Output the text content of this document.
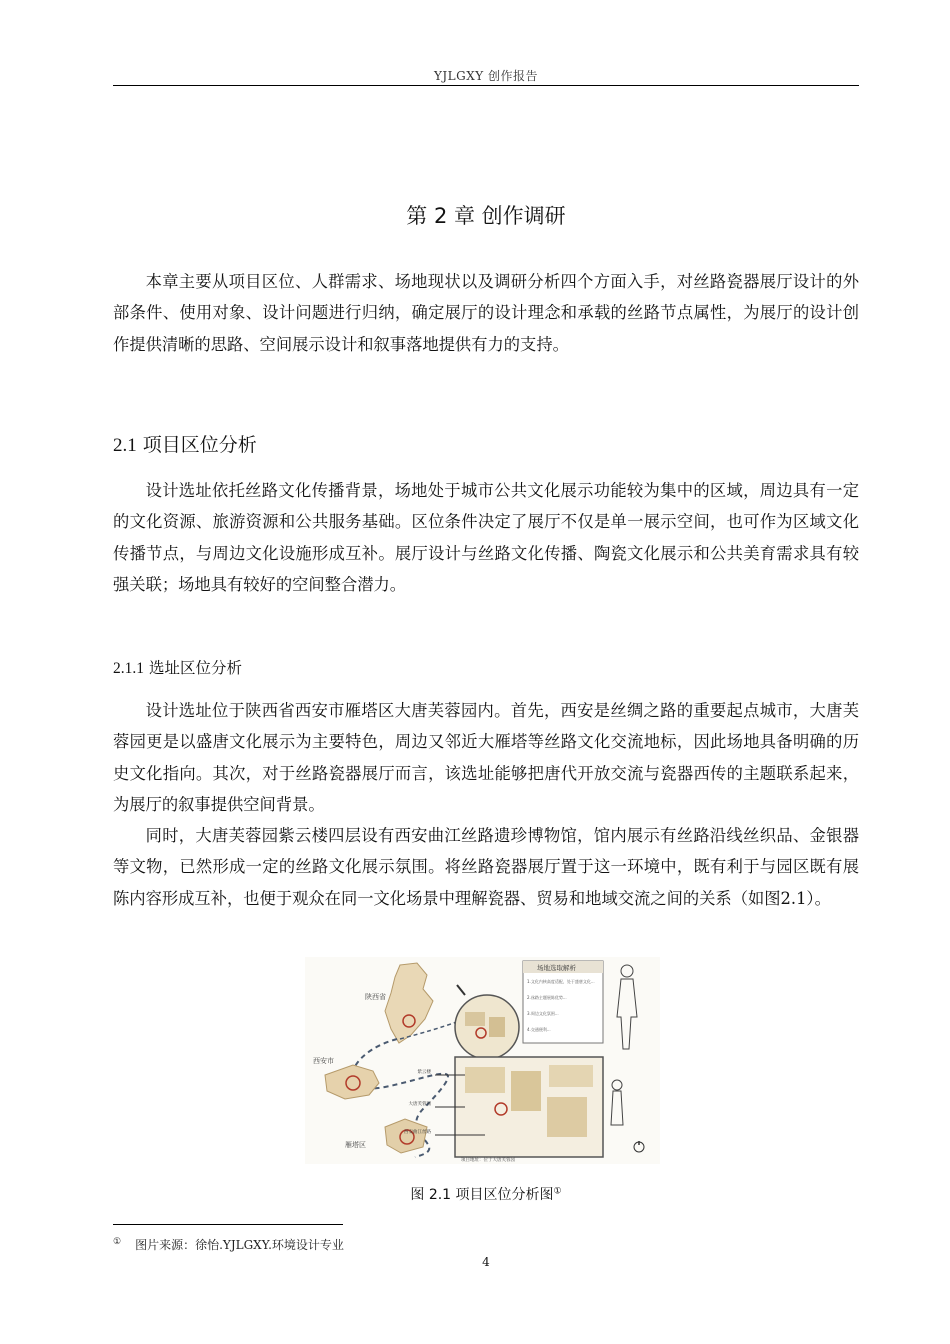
YJLGXY 创作报告
第 2 章 创作调研

本章主要从项目区位、人群需求、场地现状以及调研分析四个方面入手，对丝路瓷器展厅设计的外部条件、使用对象、设计问题进行归纳，确定展厅的设计理念和承载的丝路节点属性，为展厅的设计创作提供清晰的思路、空间展示设计和叙事落地提供有力的支持。

2.1 项目区位分析

设计选址依托丝路文化传播背景，场地处于城市公共文化展示功能较为集中的区域，周边具有一定的文化资源、旅游资源和公共服务基础。区位条件决定了展厅不仅是单一展示空间，也可作为区域文化传播节点，与周边文化设施形成互补。展厅设计与丝路文化传播、陶瓷文化展示和公共美育需求具有较强关联；场地具有较好的空间整合潜力。

2.1.1 选址区位分析

设计选址位于陕西省西安市雁塔区大唐芙蓉园内。首先，西安是丝绸之路的重要起点城市，大唐芙蓉园更是以盛唐文化展示为主要特色，周边又邻近大雁塔等丝路文化交流地标，因此场地具备明确的历史文化指向。其次，对于丝路瓷器展厅而言，该选址能够把唐代开放交流与瓷器西传的主题联系起来，为展厅的叙事提供空间背景。

同时，大唐芙蓉园紫云楼四层设有西安曲江丝路遗珍博物馆，馆内展示有丝路沿线丝织品、金银器等文物，已然形成一定的丝路文化展示氛围。将丝路瓷器展厅置于这一环境中，既有利于与园区既有展陈内容形成互补，也便于观众在同一文化场景中理解瓷器、贸易和地域交流之间的关系（如图2.1）。

陕西省
西安市
雁塔区
场地选取解析
1.文化内核高度适配，处于盛唐文化...
2.丝路主题展陈优势...
3.周边文化氛围...
4.交通便利...
紫云楼
大唐芙蓉园
西安曲江丝路
项目地址：位于大唐芙蓉园
图 2.1 项目区位分析图①
① 图片来源：徐怡.YJLGXY.环境设计专业
4
